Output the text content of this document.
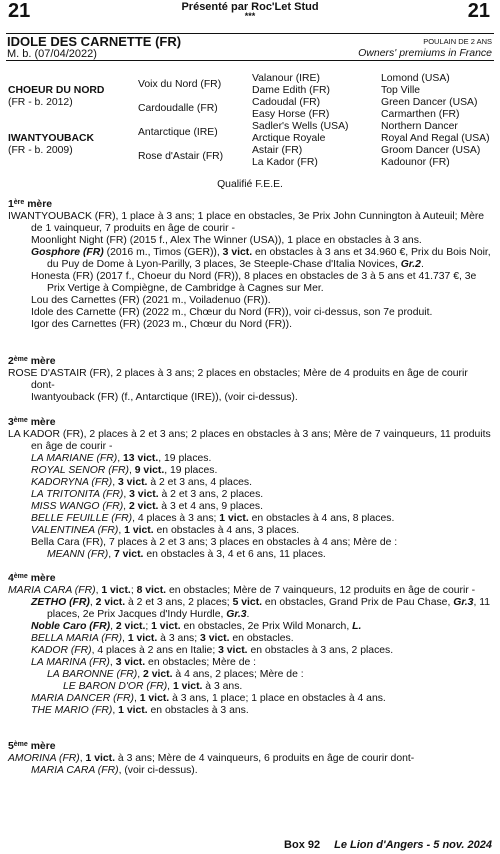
21	Présenté par Roc'Let Stud
***	21
IDOLE DES CARNETTE (FR)
M. b. (07/04/2022)
POULAIN DE 2 ANS
Owners' premiums in France
CHOEUR DU NORD
(FR - b. 2012)
IWANTYOUBACK
(FR - b. 2009)
Voix du Nord (FR)
Cardoudalle (FR)
Antarctique (IRE)
Rose d'Astair (FR)
Valanour (IRE)
Dame Edith (FR)
Cadoudal (FR)
Easy Horse (FR)
Sadler's Wells (USA)
Arctique Royale
Astair (FR)
La Kador (FR)
Lomond (USA)
Top Ville
Green Dancer (USA)
Carmarthen (FR)
Northern Dancer
Royal And Regal (USA)
Groom Dancer (USA)
Kadounor (FR)
Qualifié F.E.E.
1ère mère

IWANTYOUBACK (FR), 1 place à 3 ans; 1 place en obstacles, 3e Prix John Cunnington à Auteuil; Mère de 1 vainqueur, 7 produits en âge de courir -

Moonlight Night (FR) (2015 f., Alex The Winner (USA)), 1 place en obstacles à 3 ans.

Gosphore (FR) (2016 m., Timos (GER)), 3 vict. en obstacles à 3 ans et 34.960 €, Prix du Bois Noir, du Puy de Dome à Lyon-Parilly, 3 places, 3e Steeple-Chase d'Italia Novices, Gr.2.

Honesta (FR) (2017 f., Choeur du Nord (FR)), 8 places en obstacles de 3 à 5 ans et 41.737 €, 3e Prix Vertige à Compiègne, de Cambridge à Cagnes sur Mer.

Lou des Carnettes (FR) (2021 m., Voiladenuo (FR)).

Idole des Carnette (FR) (2022 m., Chœur du Nord (FR)), voir ci-dessus, son 7e produit.

Igor des Carnettes (FR) (2023 m., Chœur du Nord (FR)).

2ème mère

ROSE D'ASTAIR (FR), 2 places à 3 ans; 2 places en obstacles; Mère de 4 produits en âge de courir dont-

Iwantyouback (FR) (f., Antarctique (IRE)), (voir ci-dessus).

3ème mère

LA KADOR (FR), 2 places à 2 et 3 ans; 2 places en obstacles à 3 ans; Mère de 7 vainqueurs, 11 produits en âge de courir -

LA MARIANE (FR), 13 vict., 19 places.

ROYAL SENOR (FR), 9 vict., 19 places.

KADORYNA (FR), 3 vict. à 2 et 3 ans, 4 places.

LA TRITONITA (FR), 3 vict. à 2 et 3 ans, 2 places.

MISS WANGO (FR), 2 vict. à 3 et 4 ans, 9 places.

BELLE FEUILLE (FR), 4 places à 3 ans; 1 vict. en obstacles à 4 ans, 8 places.

VALENTINEA (FR), 1 vict. en obstacles à 4 ans, 3 places.

Bella Cara (FR), 7 places à 2 et 3 ans; 3 places en obstacles à 4 ans; Mère de :

MEANN (FR), 7 vict. en obstacles à 3, 4 et 6 ans, 11 places.

4ème mère

MARIA CARA (FR), 1 vict.; 8 vict. en obstacles; Mère de 7 vainqueurs, 12 produits en âge de courir -

ZETHO (FR), 2 vict. à 2 et 3 ans, 2 places; 5 vict. en obstacles, Grand Prix de Pau Chase, Gr.3, 11 places, 2e Prix Jacques d'Indy Hurdle, Gr.3.

Noble Caro (FR), 2 vict.; 1 vict. en obstacles, 2e Prix Wild Monarch, L.

BELLA MARIA (FR), 1 vict. à 3 ans; 3 vict. en obstacles.

KADOR (FR), 4 places à 2 ans en Italie; 3 vict. en obstacles à 3 ans, 2 places.

LA MARINA (FR), 3 vict. en obstacles; Mère de :

LA BARONNE (FR), 2 vict. à 4 ans, 2 places; Mère de :

LE BARON D'OR (FR), 1 vict. à 3 ans.

MARIA DANCER (FR), 1 vict. à 3 ans, 1 place; 1 place en obstacles à 4 ans.

THE MARIO (FR), 1 vict. en obstacles à 3 ans.

5ème mère

AMORINA (FR), 1 vict. à 3 ans; Mère de 4 vainqueurs, 6 produits en âge de courir dont-

MARIA CARA (FR), (voir ci-dessus).

Box 92 Le Lion d'Angers - 5 nov. 2024
